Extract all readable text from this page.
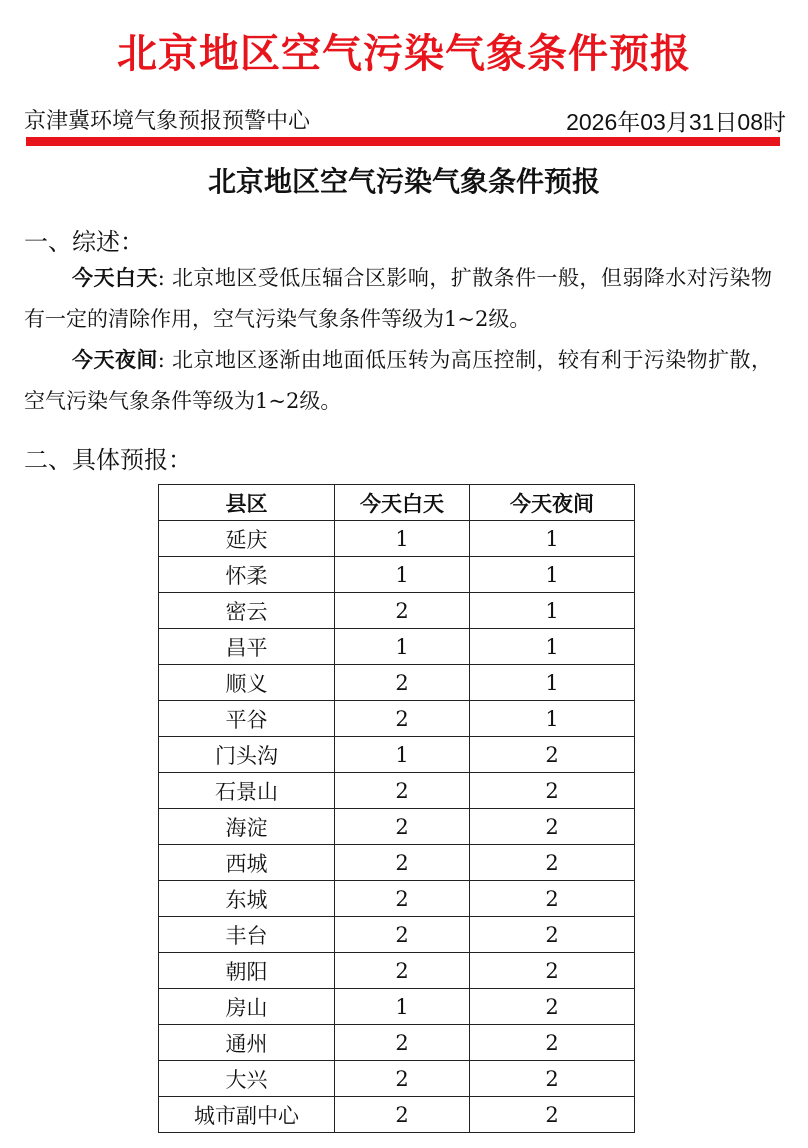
北京地区空气污染气象条件预报
京津冀环境气象预报预警中心	2026年03月31日08时
北京地区空气污染气象条件预报
一、综述：
今天白天: 北京地区受低压辐合区影响，扩散条件一般，但弱降水对污染物有一定的清除作用，空气污染气象条件等级为1~2级。
今天夜间: 北京地区逐渐由地面低压转为高压控制，较有利于污染物扩散，空气污染气象条件等级为1~2级。
二、具体预报：
县区	今天白天	今天夜间
延庆	1	1
怀柔	1	1
密云	2	1
昌平	1	1
顺义	2	1
平谷	2	1
门头沟	1	2
石景山	2	2
海淀	2	2
西城	2	2
东城	2	2
丰台	2	2
朝阳	2	2
房山	1	2
通州	2	2
大兴	2	2
城市副中心	2	2
